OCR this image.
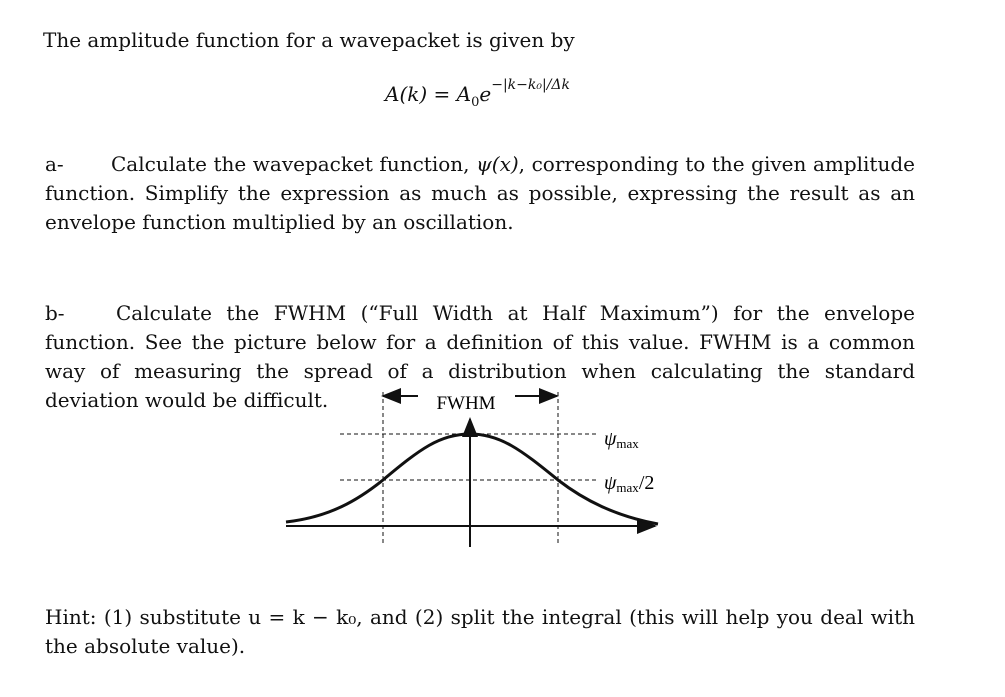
The amplitude function for a wavepacket is given by
$A(k) = A_0e^{-|k-k_0|/\Delta k}$
a- Calculate the wavepacket function, ψ(x), corresponding to the given amplitude function. Simplify the expression as much as possible, expressing the result as an envelope function multiplied by an oscillation.
b-	Calculate the FWHM (“Full Width at Half Maximum”) for the envelope function. See the picture below for a definition of this value. FWHM is a common way of measuring the spread of a distribution when calculating the standard deviation would be difficult.	FWHM
ψmax
ψmax/2
Hint: (1) substitute u = k − k₀, and (2) split the integral (this will help you deal with the absolute value).
